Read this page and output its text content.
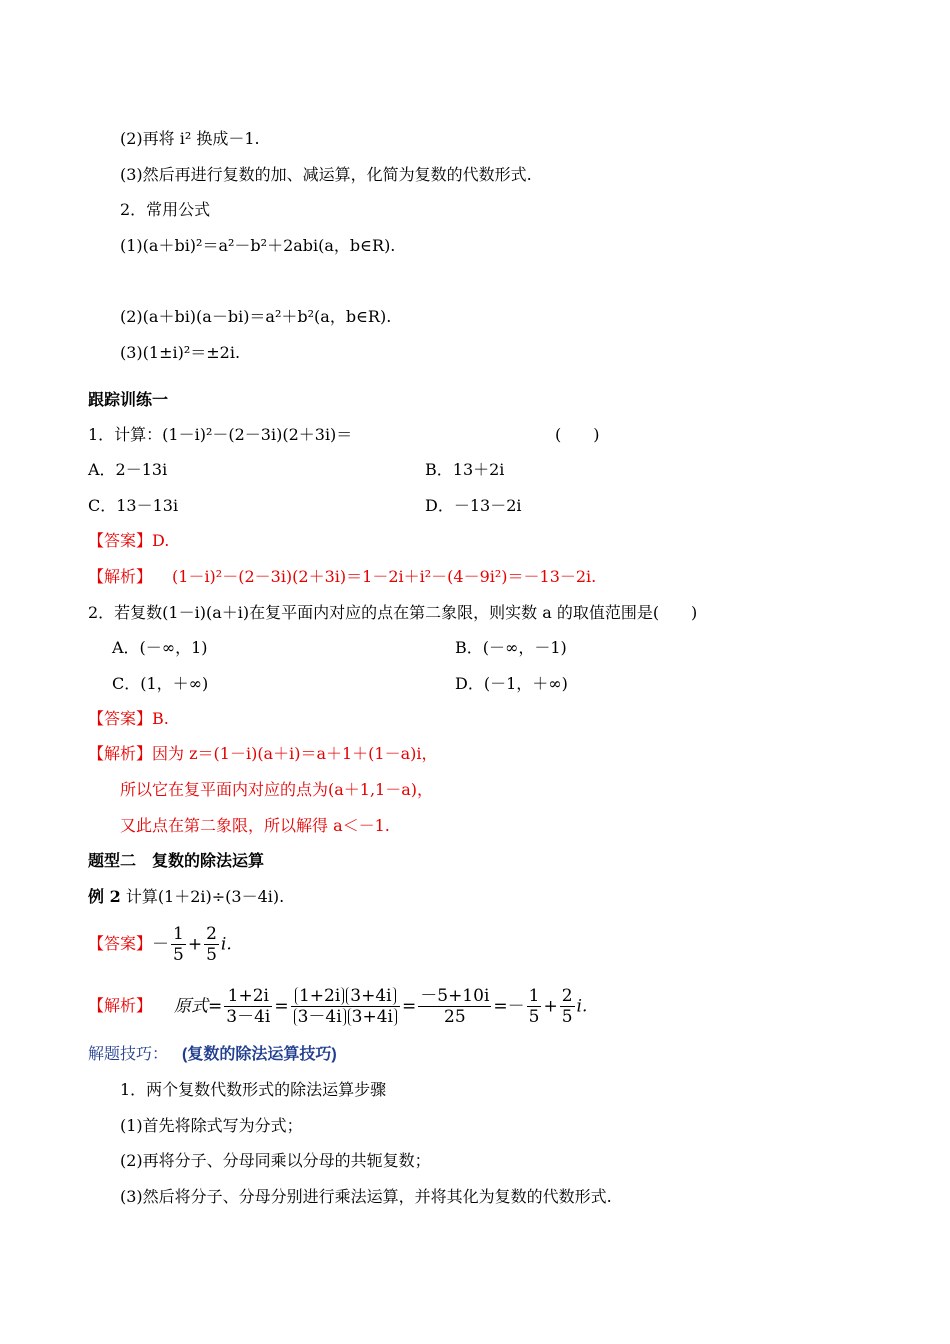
(2)再将 i² 换成－1.
(3)然后再进行复数的加、减运算，化简为复数的代数形式.
2．常用公式
(1)(a＋bi)²＝a²－b²＋2abi(a，b∈R).
(2)(a＋bi)(a－bi)＝a²＋b²(a，b∈R).
(3)(1±i)²＝±2i.
跟踪训练一
1．计算：(1－i)²－(2－3i)(2＋3i)＝	(　　)
A．2－13i	B．13＋2i
C．13－13i	D．－13－2i
【答案】D.
【解析】 (1－i)²－(2－3i)(2＋3i)＝1－2i＋i²－(4－9i²)＝－13－2i.
2．若复数(1－i)(a＋i)在复平面内对应的点在第二象限，则实数 a 的取值范围是(　　)
A．(－∞，1)	B．(－∞，－1)
C．(1，＋∞)	D．(－1，＋∞)
【答案】B.
【解析】因为 z＝(1－i)(a＋i)＝a＋1＋(1－a)i，
所以它在复平面内对应的点为(a＋1,1－a)，
又此点在第二象限，所以解得 a＜－1.
题型二　复数的除法运算
例 2 计算(1＋2i)÷(3－4i).
【答案】－ $\frac{1}{5} + \frac{2}{5} i$.
【解析】 原式= $\frac{1+2i}{3-4i} = \frac{1+2i 3+4i}{3-4i 3+4i} = \frac{-5+10i}{25} =- \frac{1}{5} + \frac{2}{5} i$.
解题技巧： (复数的除法运算技巧)
1．两个复数代数形式的除法运算步骤
(1)首先将除式写为分式；
(2)再将分子、分母同乘以分母的共轭复数；
(3)然后将分子、分母分别进行乘法运算，并将其化为复数的代数形式.
